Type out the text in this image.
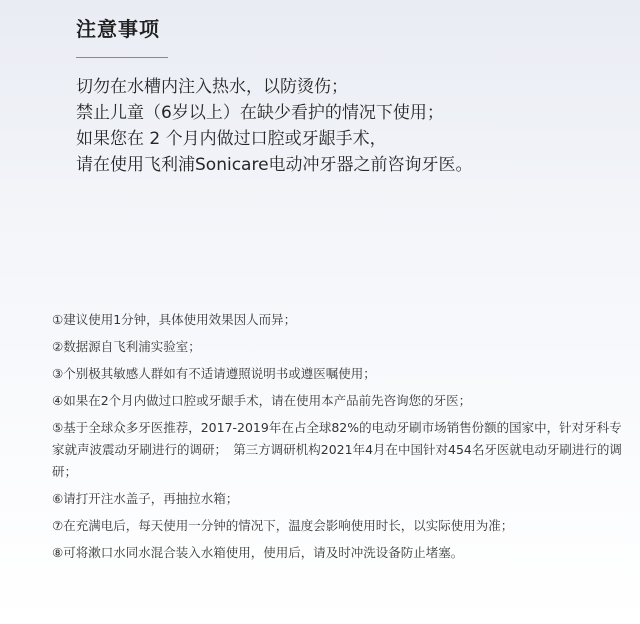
注意事项
切勿在水槽内注入热水，以防烫伤；
禁止儿童（6岁以上）在缺少看护的情况下使用；
如果您在 2 个月内做过口腔或牙龈手术，
请在使用飞利浦Sonicare电动冲牙器之前咨询牙医。
①建议使用1分钟，具体使用效果因人而异；
②数据源自飞利浦实验室；
③个别极其敏感人群如有不适请遵照说明书或遵医嘱使用；
④如果在2个月内做过口腔或牙龈手术，请在使用本产品前先咨询您的牙医；
⑤基于全球众多牙医推荐，2017-2019年在占全球82%的电动牙刷市场销售份额的国家中，针对牙科专家就声波震动牙刷进行的调研；　第三方调研机构2021年4月在中国针对454名牙医就电动牙刷进行的调研；
⑥请打开注水盖子，再抽拉水箱；
⑦在充满电后，每天使用一分钟的情况下，温度会影响使用时长，以实际使用为准；
⑧可将漱口水同水混合装入水箱使用，使用后，请及时冲洗设备防止堵塞。
